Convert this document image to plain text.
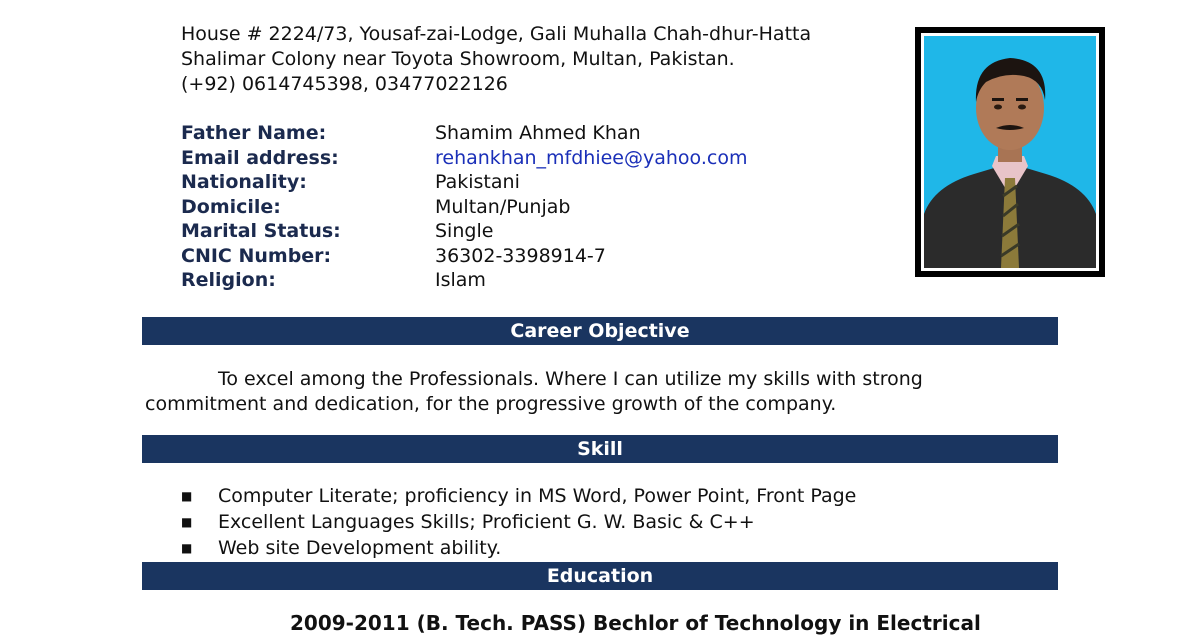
House # 2224/73, Yousaf-zai-Lodge, Gali Muhalla Chah-dhur-Hatta
Shalimar Colony near Toyota Showroom, Multan, Pakistan.
(+92) 0614745398, 03477022126
Father Name:	Shamim Ahmed Khan
Email address:	rehankhan_mfdhiee@yahoo.com
Nationality:	Pakistani
Domicile:	Multan/Punjab
Marital Status:	Single
CNIC Number:	36302-3398914-7
Religion:	Islam
Career Objective
To excel among the Professionals. Where I can utilize my skills with strong
commitment and dedication, for the progressive growth of the company.
Skill
■	Computer Literate; proficiency in MS Word, Power Point, Front Page
■	Excellent Languages Skills; Proficient G. W. Basic & C++
■	Web site Development ability.
Education
2009-2011 (B. Tech. PASS) Bechlor of Technology in Electrical
